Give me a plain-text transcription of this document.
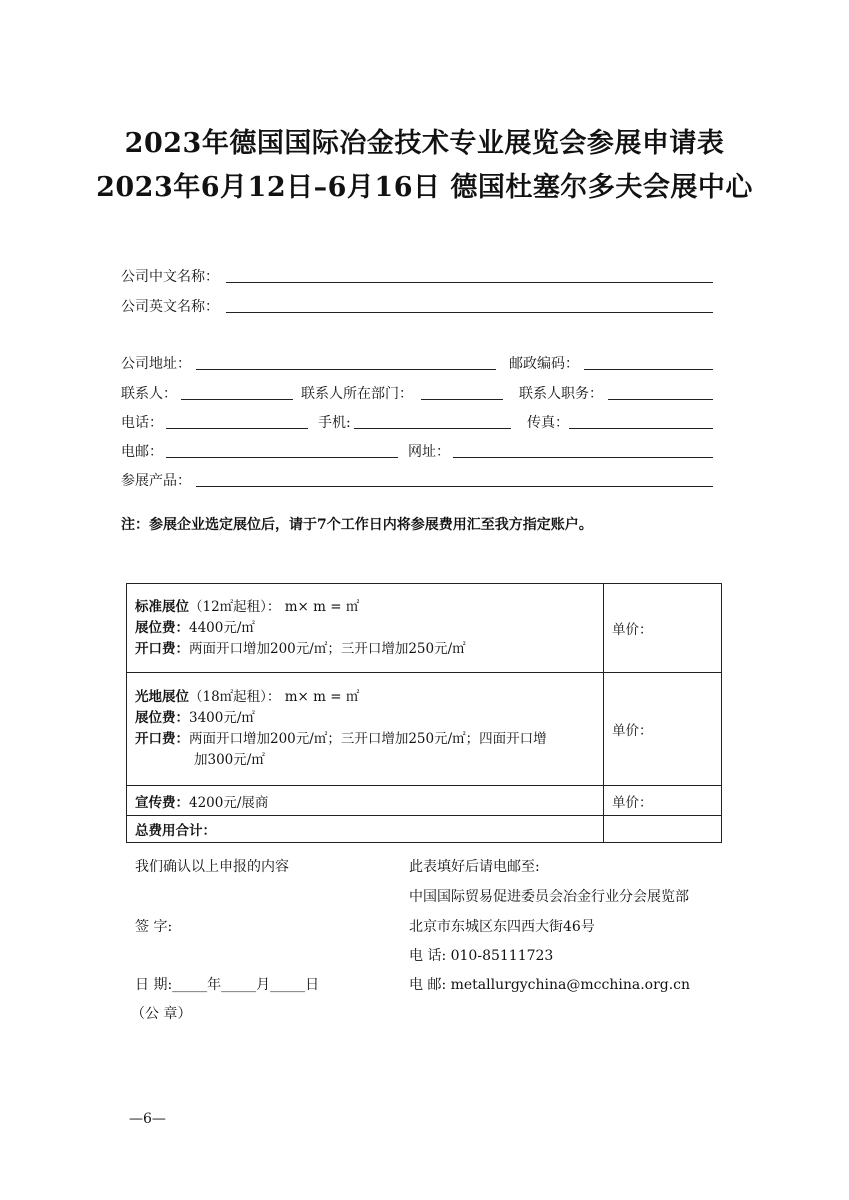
2023年德国国际冶金技术专业展览会参展申请表
2023年6月12日–6月16日 德国杜塞尔多夫会展中心
公司中文名称：
公司英文名称：
公司地址：	邮政编码：
联系人：	联系人所在部门：	联系人职务：
电话：	手机:	传真：
电邮：	网址：
参展产品：
注：参展企业选定展位后，请于7个工作日内将参展费用汇至我方指定账户。
标准展位（12㎡起租）： m× m = ㎡
展位费：4400元/㎡
开口费：两面开口增加200元/㎡；三开口增加250元/㎡	单价：

光地展位（18㎡起租）： m× m = ㎡
展位费：3400元/㎡
开口费：两面开口增加200元/㎡；三开口增加250元/㎡；四面开口增
加300元/㎡	单价：
宣传费：4200元/展商	单价：
总费用合计：	
我们确认以上申报的内容
签 字:
日 期:_____年_____月_____日
（公 章）
此表填好后请电邮至:
中国国际贸易促进委员会冶金行业分会展览部
北京市东城区东四西大街46号
电 话: 010-85111723
电 邮: metallurgychina@mcchina.org.cn
—6—
